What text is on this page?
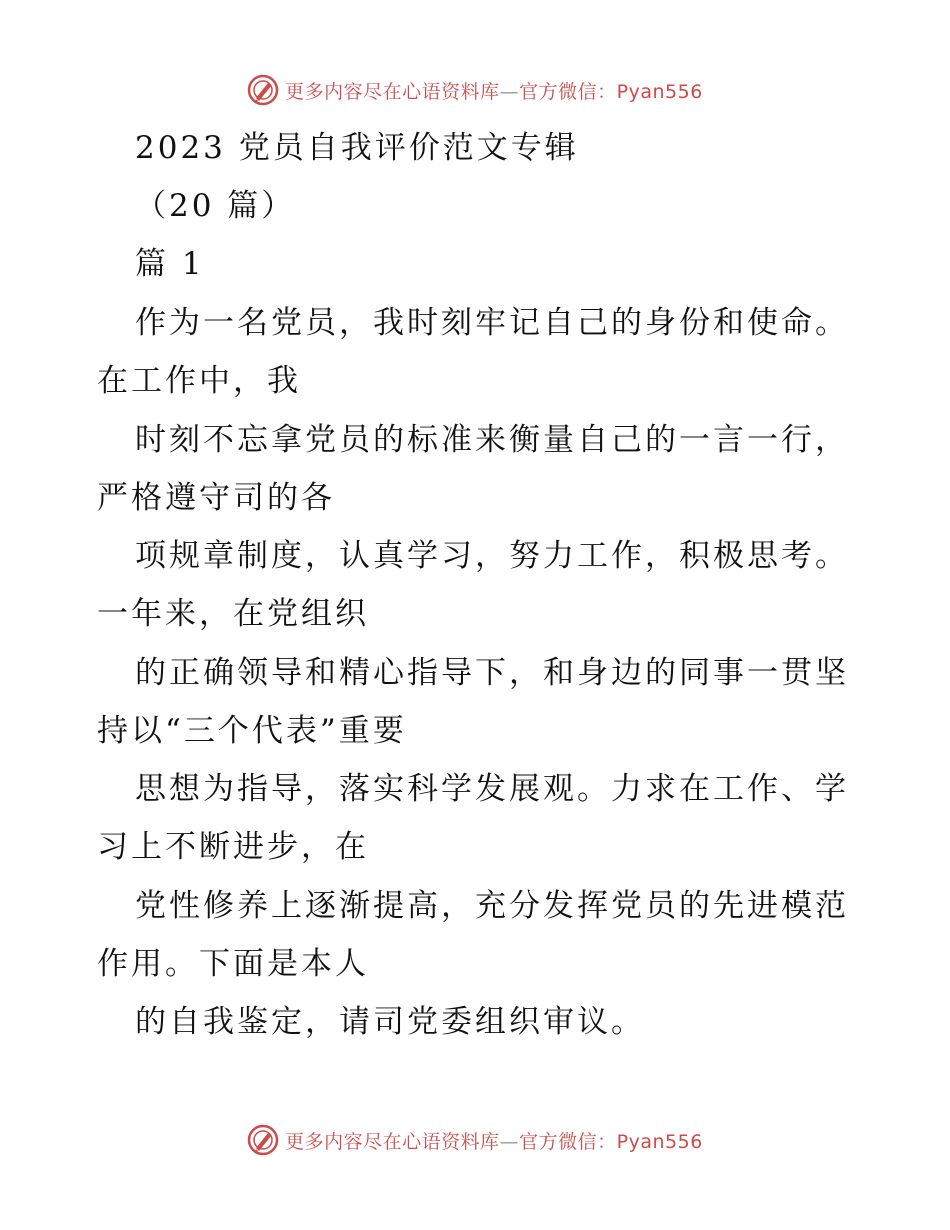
更多内容尽在心语资料库—官方微信：Pyan556
2023 党员自我评价范文专辑
（20 篇）
篇 1
作为一名党员，我时刻牢记自己的身份和使命。
在工作中，我
时刻不忘拿党员的标准来衡量自己的一言一行，
严格遵守司的各
项规章制度，认真学习，努力工作，积极思考。
一年来，在党组织
的正确领导和精心指导下，和身边的同事一贯坚
持以“三个代表”重要
思想为指导，落实科学发展观。力求在工作、学
习上不断进步，在
党性修养上逐渐提高，充分发挥党员的先进模范
作用。下面是本人
的自我鉴定，请司党委组织审议。
更多内容尽在心语资料库—官方微信：Pyan556
